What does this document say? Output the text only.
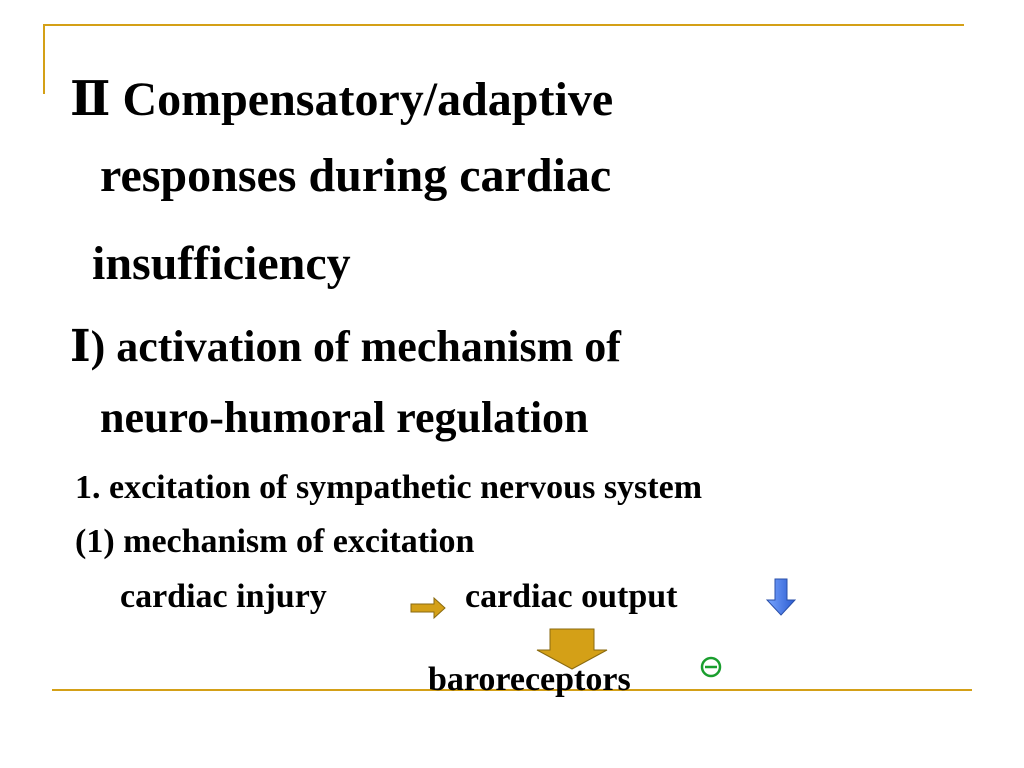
Ⅱ Compensatory/adaptive
responses during cardiac
insufficiency
Ⅰ) activation of mechanism of
neuro-humoral regulation
1. excitation of sympathetic nervous system
(1) mechanism of excitation
cardiac injury	cardiac output
baroreceptors
